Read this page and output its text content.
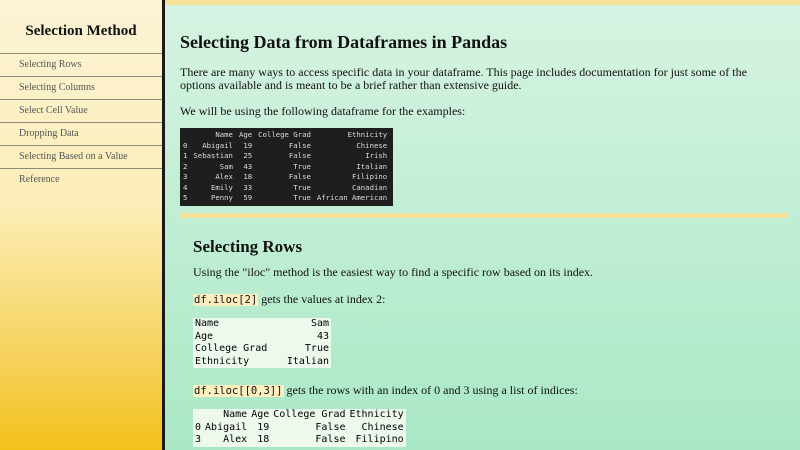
Selection Method
Selecting Rows
Selecting Columns
Select Cell Value
Dropping Data
Selecting Based on a Value
Reference
Selecting Data from Dataframes in Pandas
There are many ways to access specific data in your dataframe. This page includes documentation for just some of the options available and is meant to be a brief rather than extensive guide.
We will be using the following dataframe for the examples:
	Name	Age	College Grad	Ethnicity
0	Abigail	19	False	Chinese
1	Sebastian	25	False	Irish
2	Sam	43	True	Italian
3	Alex	18	False	Filipino
4	Emily	33	True	Canadian
5	Penny	59	True	African American
Selecting Rows
Using the "iloc" method is the easiest way to find a specific row based on its index.
df.iloc[2] gets the values at index 2:
Name	Sam
Age	43
College Grad	True
Ethnicity	Italian
df.iloc[[0,3]] gets the rows with an index of 0 and 3 using a list of indices:
	Name	Age	College Grad	Ethnicity
0	Abigail	19	False	Chinese
3	Alex	18	False	Filipino
